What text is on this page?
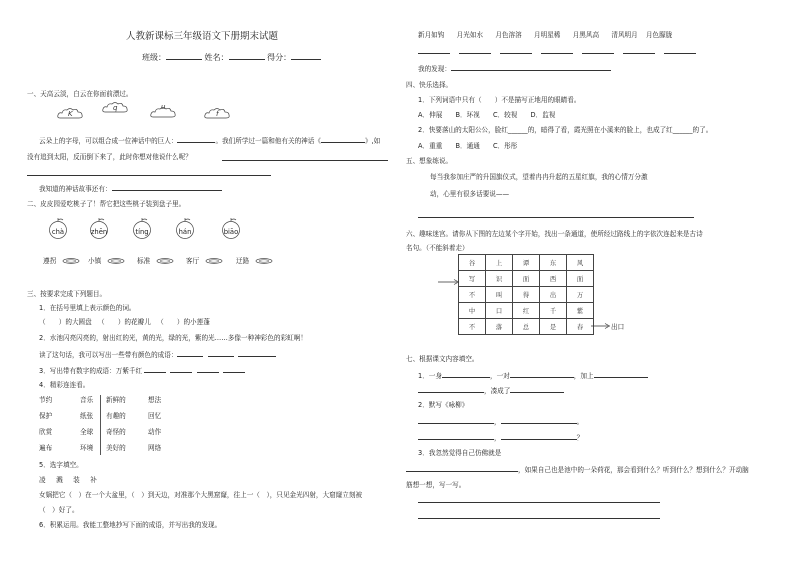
人教新课标三年级语文下册期末试题
班级：	姓名：	得分：
一、天高云淡，白云在你面前漂过。
K
q	u
f
云朵上的字母，可以组合成一位神话中的巨人：	。我们所学过一篇和他有关的神话《	》,如
没有追到太阳，反而倒下来了，此时你想对他说什么呢？
我知道的神话故事还有：
二、皮皮园爱吃桃子了！帮它把这些桃子装到盘子里。
chà	zhēn	tíng	hán	biāo
遵拐	小镇	标准	客厅	迂路
三、按要求完成下列题目。
1．在括号里填上表示颜色的词。
（　　）的大圆盘 （　　）的花瓣儿 （　　）的小莲蓬
2．水池闪亮闪亮的，射出红的光，黄的光，绿的光，紫的光……多像一种神彩色的彩虹啊！
读了这句话，我可以写出一些带有颜色的成语：
3．写出带有数字的成语：万紫千红
4．精彩连连看。
节约	音乐 新鲜的	想法
保护	纸张 有趣的	回忆
欣赏	全球 奇怪的	动作
遍布	环境 美好的	网络
5．选字填空。
凌 溅 装 补
女娲把它（　）在一个大盆里，（　）到天边，对准那个大黑窟窿，往上一（　），只见金光四射，大窟窿立刻被
（　）好了。
6．积累运用。我能工整地抄写下面的成语，并写出我的发现。
新月如钩 月光如水 月色溶溶 月明星稀 月黑风高 清风明月 月色朦胧
我的发现：
四、快乐选择。
1．下列词语中只有（　　）不是描写正地用的眼睛看。
A．伸展　　B．环视　　C．较视　　D．监视
2．快要落山的太阳公公，脸红______的，暗得了看，霞光照在小溪来的脸上，也成了红______的了。
A．重重　　B．通通　　C．彤彤
五、想象练说。
每当我参加庄严的升国旗仪式，望着冉冉升起的五星红旗，我的心情万分激
动，心里有很多话要说——
六、趣味迷宫。请你从下图的左边某个字开始，找出一条通道，使所经过路线上的字依次连起来是古诗
名句。（不能斜着走）
谷	上	谭	东	风
写	识	面	西	面
不	叫	得	出	万
中	口	红	千	紫
不	落	总	是	春	出口
七、根据课文内容填空。
1．一身	，一对	，加上
，凑成了
2．默写《咏柳》
，	。
，	？
3．我忽然觉得自己仿佛就是
，如果自己也是池中的一朵荷花，那会看到什么？听到什么？想到什么？开动脑
筋想一想，写一写。
